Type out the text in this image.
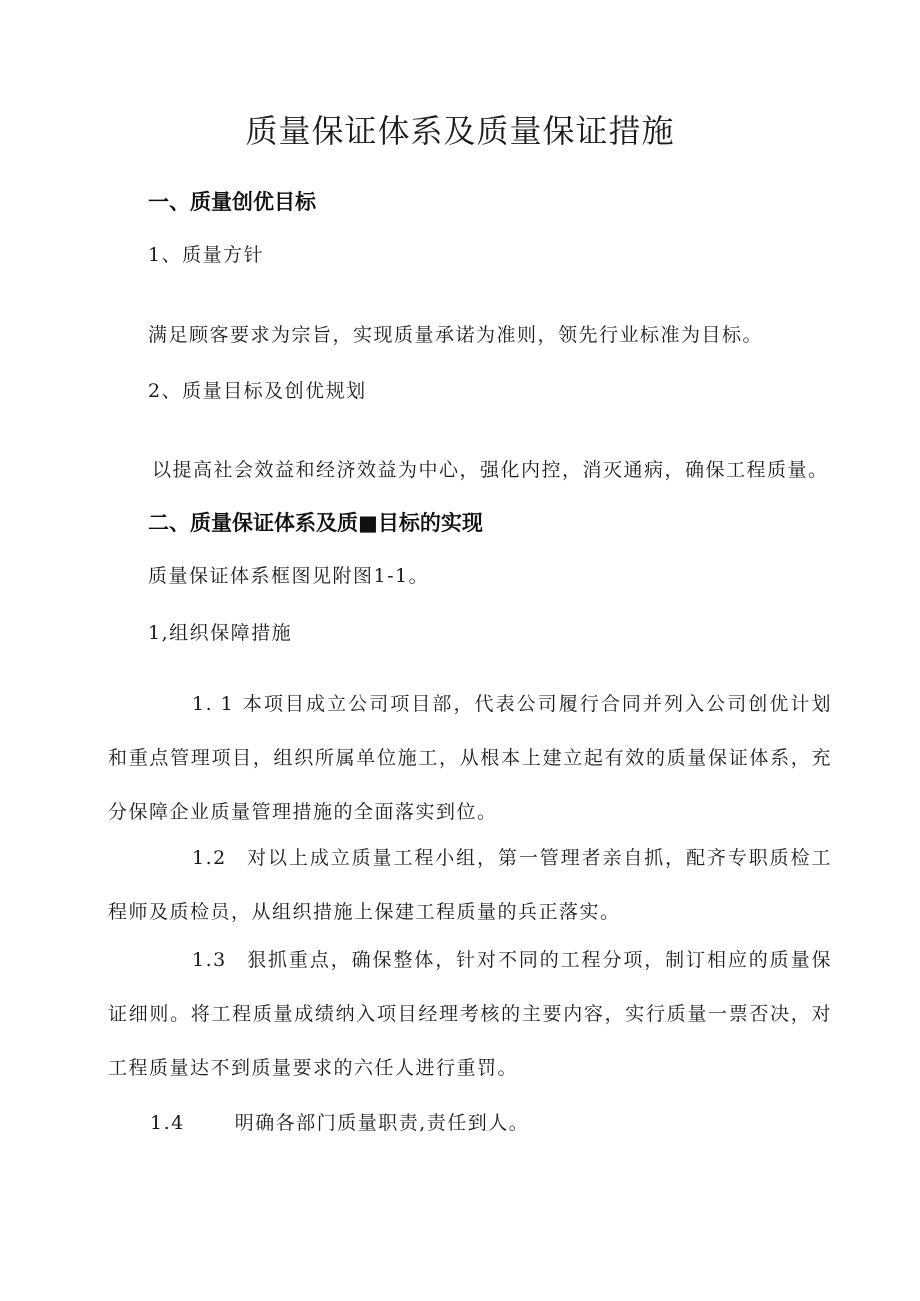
质量保证体系及质量保证措施
一、质量创优目标
1、质量方针
满足顾客要求为宗旨，实现质量承诺为准则，领先行业标准为目标。
2、质量目标及创优规划
以提高社会效益和经济效益为中心，强化内控，消灭通病，确保工程质量。
二、质量保证体系及质■目标的实现
质量保证体系框图见附图1-1。
1,组织保障措施

1. 1 本项目成立公司项目部，代表公司履行合同并列入公司创优计划和重点管理项目，组织所属单位施工，从根本上建立起有效的质量保证体系，充分保障企业质量管理措施的全面落实到位。

1.2 对以上成立质量工程小组，第一管理者亲自抓，配齐专职质检工程师及质检员，从组织措施上保建工程质量的兵正落实。

1.3 狠抓重点，确保整体，针对不同的工程分项，制订相应的质量保证细则。将工程质量成绩纳入项目经理考核的主要内容，实行质量一票否决，对工程质量达不到质量要求的六任人进行重罚。

1.4	明确各部门质量职责,责任到人。
